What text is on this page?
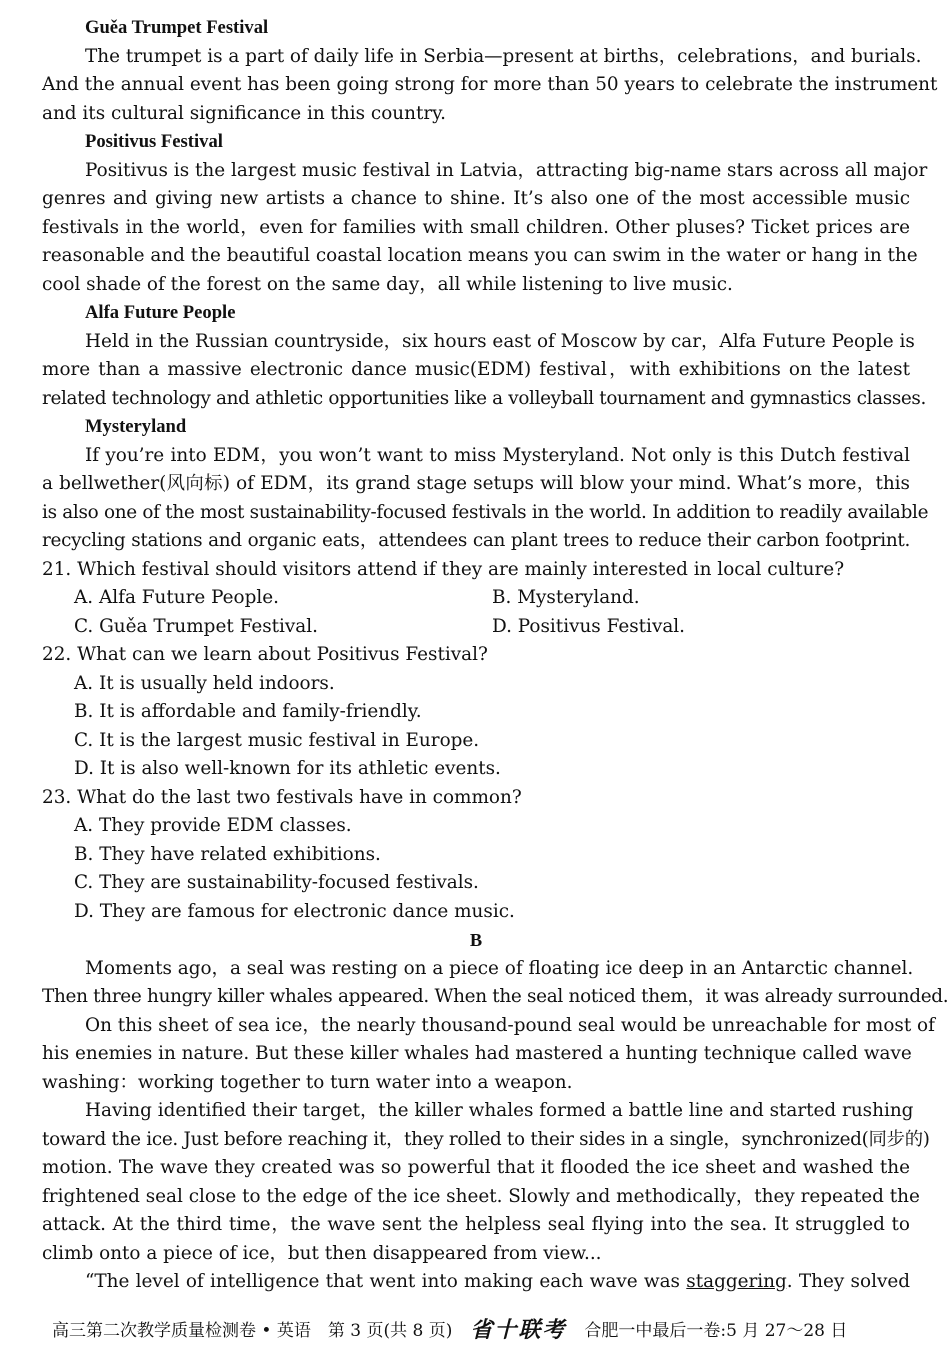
Guěa Trumpet Festival
The trumpet is a part of daily life in Serbia—present at births，celebrations，and burials.
And the annual event has been going strong for more than 50 years to celebrate the instrument
and its cultural significance in this country.
Positivus Festival
Positivus is the largest music festival in Latvia，attracting big-name stars across all major
genres and giving new artists a chance to shine. It’s also one of the most accessible music
festivals in the world，even for families with small children. Other pluses? Ticket prices are
reasonable and the beautiful coastal location means you can swim in the water or hang in the
cool shade of the forest on the same day，all while listening to live music.
Alfa Future People
Held in the Russian countryside，six hours east of Moscow by car，Alfa Future People is
more than a massive electronic dance music(EDM) festival，with exhibitions on the latest
related technology and athletic opportunities like a volleyball tournament and gymnastics classes.
Mysteryland
If you’re into EDM，you won’t want to miss Mysteryland. Not only is this Dutch festival
a bellwether(风向标) of EDM，its grand stage setups will blow your mind. What’s more，this
is also one of the most sustainability-focused festivals in the world. In addition to readily available
recycling stations and organic eats，attendees can plant trees to reduce their carbon footprint.
21. Which festival should visitors attend if they are mainly interested in local culture?
A. Alfa Future People.	B. Mysteryland.
C. Guěa Trumpet Festival.	D. Positivus Festival.
22. What can we learn about Positivus Festival?
A. It is usually held indoors.
B. It is affordable and family-friendly.
C. It is the largest music festival in Europe.
D. It is also well-known for its athletic events.
23. What do the last two festivals have in common?
A. They provide EDM classes.
B. They have related exhibitions.
C. They are sustainability-focused festivals.
D. They are famous for electronic dance music.
B
Moments ago，a seal was resting on a piece of floating ice deep in an Antarctic channel.
Then three hungry killer whales appeared. When the seal noticed them，it was already surrounded.
On this sheet of sea ice，the nearly thousand-pound seal would be unreachable for most of
his enemies in nature. But these killer whales had mastered a hunting technique called wave
washing：working together to turn water into a weapon.
Having identified their target，the killer whales formed a battle line and started rushing
toward the ice. Just before reaching it，they rolled to their sides in a single，synchronized(同步的)
motion. The wave they created was so powerful that it flooded the ice sheet and washed the
frightened seal close to the edge of the ice sheet. Slowly and methodically，they repeated the
attack. At the third time，the wave sent the helpless seal flying into the sea. It struggled to
climb onto a piece of ice，but then disappeared from view...
“The level of intelligence that went into making each wave was staggering. They solved
高三第二次教学质量检测卷 • 英语　第 3 页(共 8 页) 省十联考 合肥一中最后一卷:5 月 27～28 日
